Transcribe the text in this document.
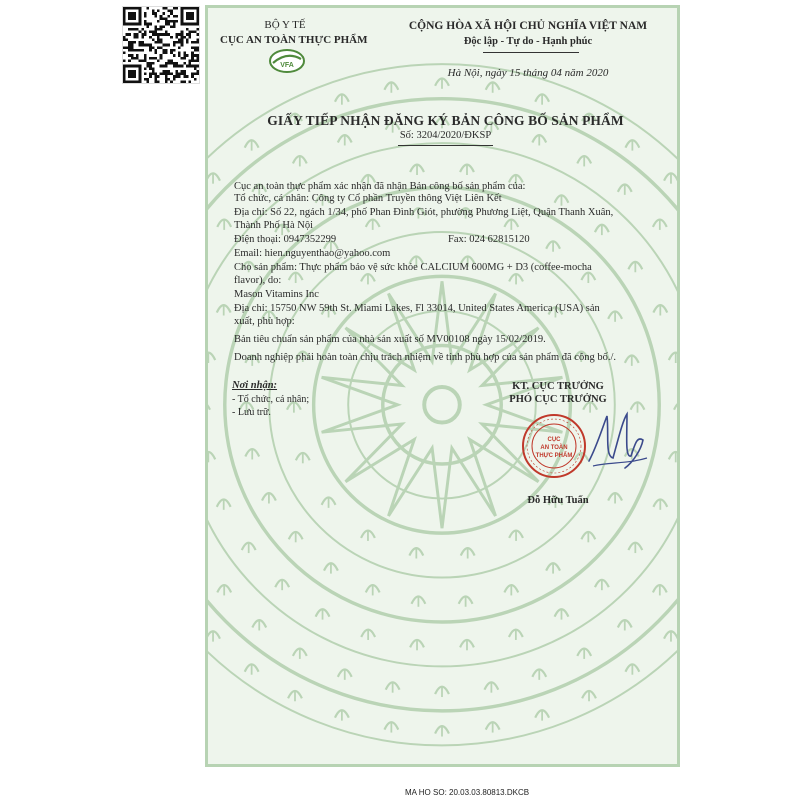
BỘ Y TẾ
CỤC AN TOÀN THỰC PHẨM
VFA
CỘNG HÒA XÃ HỘI CHỦ NGHĨA VIỆT NAM
Độc lập - Tự do - Hạnh phúc
Hà Nội, ngày 15 tháng 04 năm 2020
GIẤY TIẾP NHẬN ĐĂNG KÝ BẢN CÔNG BỐ SẢN PHẨM
Số: 3204/2020/ĐKSP
Cục an toàn thực phẩm xác nhận đã nhận Bản công bố sản phẩm của:
Tổ chức, cá nhân: Công ty Cổ phần Truyền thông Việt Liên Kết
Địa chỉ: Số 22, ngách 1/34, phố Phan Đình Giót, phường Phương Liệt, Quận Thanh Xuân,
Thành Phố Hà Nội
Điện thoại: 0947352299	Fax: 024 62815120
Email: hien.nguyenthao@yahoo.com
Cho sản phẩm: Thực phẩm bảo vệ sức khỏe CALCIUM 600MG + D3 (coffee-mocha
flavor), do:
Mason Vitamins Inc
Địa chỉ: 15750 NW 59th St. Miami Lakes, Fl 33014, United States America (USA) sản
xuất, phù hợp:
Bản tiêu chuẩn sản phẩm của nhà sản xuất số MV00108 ngày 15/02/2019.
Doanh nghiệp phải hoàn toàn chịu trách nhiệm về tính phù hợp của sản phẩm đã công bố./.
Nơi nhận:
- Tổ chức, cá nhân;
- Lưu trữ.
KT. CỤC TRƯỞNG
PHÓ CỤC TRƯỞNG
CỤC
AN TOÀN
THỰC PHẨM
Đỗ Hữu Tuấn
MA HO SO: 20.03.03.80813.DKCB
